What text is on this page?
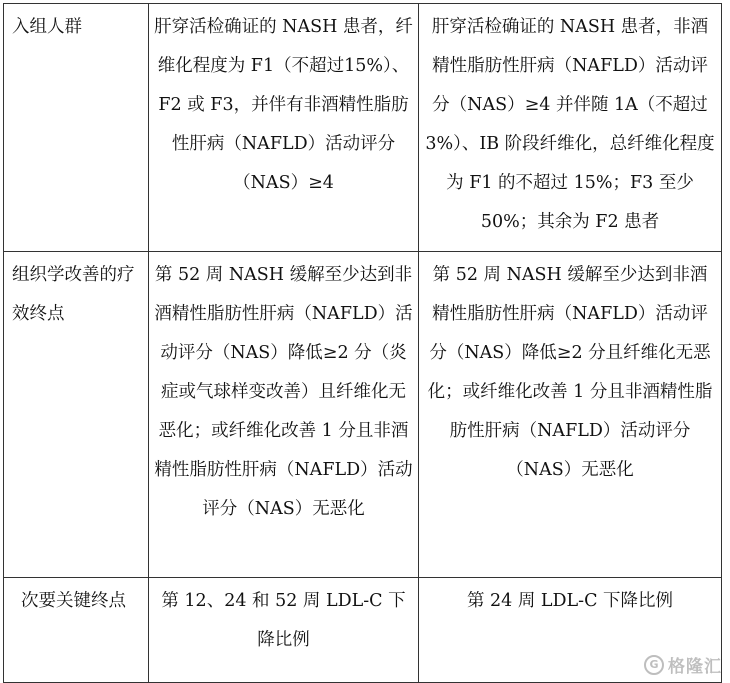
入组人群	肝穿活检确证的 NASH 患者，纤维化程度为 F1（不超过15%）、F2 或 F3，并伴有非酒精性脂肪性肝病（NAFLD）活动评分（NAS）≥4	肝穿活检确证的 NASH 患者，非酒精性脂肪性肝病（NAFLD）活动评分（NAS）≥4 并伴随 1A（不超过 3%）、IB 阶段纤维化，总纤维化程度为 F1 的不超过 15%；F3 至少 50%；其余为 F2 患者

组织学改善的疗效终点	第 52 周 NASH 缓解至少达到非酒精性脂肪性肝病（NAFLD）活动评分（NAS）降低≥2 分（炎症或气球样变改善）且纤维化无恶化；或纤维化改善 1 分且非酒精性脂肪性肝病（NAFLD）活动评分（NAS）无恶化	第 52 周 NASH 缓解至少达到非酒精性脂肪性肝病（NAFLD）活动评分（NAS）降低≥2 分且纤维化无恶化；或纤维化改善 1 分且非酒精性脂肪性肝病（NAFLD）活动评分（NAS）无恶化

次要关键终点	第 12、24 和 52 周 LDL-C 下降比例	第 24 周 LDL-C 下降比例
G 格隆汇
